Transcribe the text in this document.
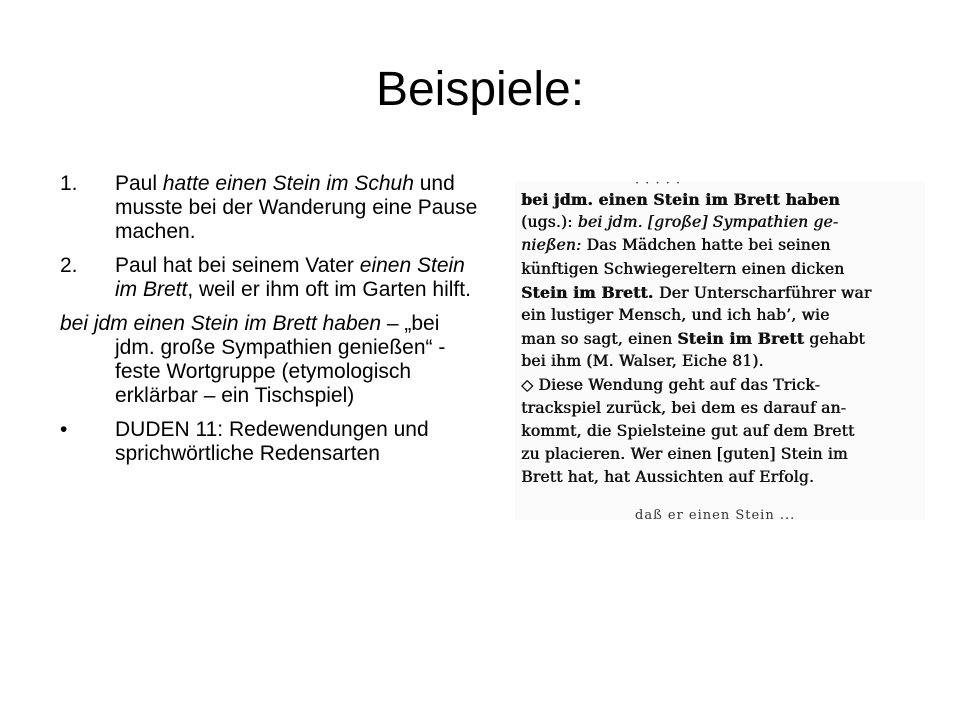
Beispiele:
1. Paul hatte einen Stein im Schuh und musste bei der Wanderung eine Pause machen.
2. Paul hat bei seinem Vater einen Stein im Brett, weil er ihm oft im Garten hilft.
bei jdm einen Stein im Brett haben – „bei jdm. große Sympathien genießen“ - feste Wortgruppe (etymologisch erklärbar – ein Tischspiel)
• DUDEN 11: Redewendungen und sprichwörtliche Redensarten
· · · · ·
daß er einen Stein ...
bei jdm. einen Stein im Brett haben
(ugs.): bei jdm. [große] Sympathien ge-
nießen: Das Mädchen hatte bei seinen
künftigen Schwiegereltern einen dicken
Stein im Brett. Der Unterscharführer war
ein lustiger Mensch, und ich hab’, wie
man so sagt, einen Stein im Brett gehabt
bei ihm (M. Walser, Eiche 81).
◇ Diese Wendung geht auf das Trick-
trackspiel zurück, bei dem es darauf an-
kommt, die Spielsteine gut auf dem Brett
zu placieren. Wer einen [guten] Stein im
Brett hat, hat Aussichten auf Erfolg.
